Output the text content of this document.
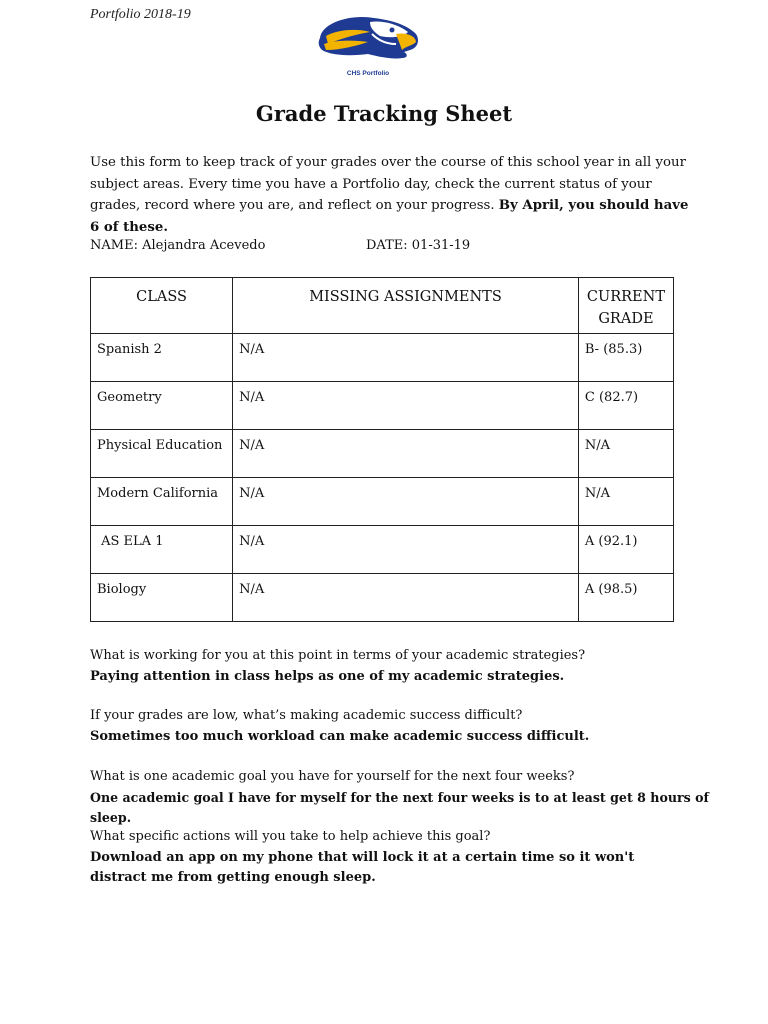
Portfolio 2018-19
CHS Portfolio
Grade Tracking Sheet
Use this form to keep track of your grades over the course of this school year in all your subject areas. Every time you have a Portfolio day, check the current status of your grades, record where you are, and reflect on your progress. By April, you should have 6 of these.
NAME: Alejandra Acevedo	DATE: 01-31-19
CLASS	MISSING ASSIGNMENTS	CURRENT GRADE
Spanish 2	N/A	B- (85.3)
Geometry	N/A	C (82.7)
Physical Education	N/A	N/A
Modern California	N/A	N/A
AS ELA 1	N/A	A (92.1)
Biology	N/A	A (98.5)
What is working for you at this point in terms of your academic strategies?
Paying attention in class helps as one of my academic strategies.
If your grades are low, what’s making academic success difficult?
Sometimes too much workload can make academic success difficult.
What is one academic goal you have for yourself for the next four weeks?
One academic goal I have for myself for the next four weeks is to at least get 8 hours of sleep.
What specific actions will you take to help achieve this goal?
Download an app on my phone that will lock it at a certain time so it won't distract me from getting enough sleep.
